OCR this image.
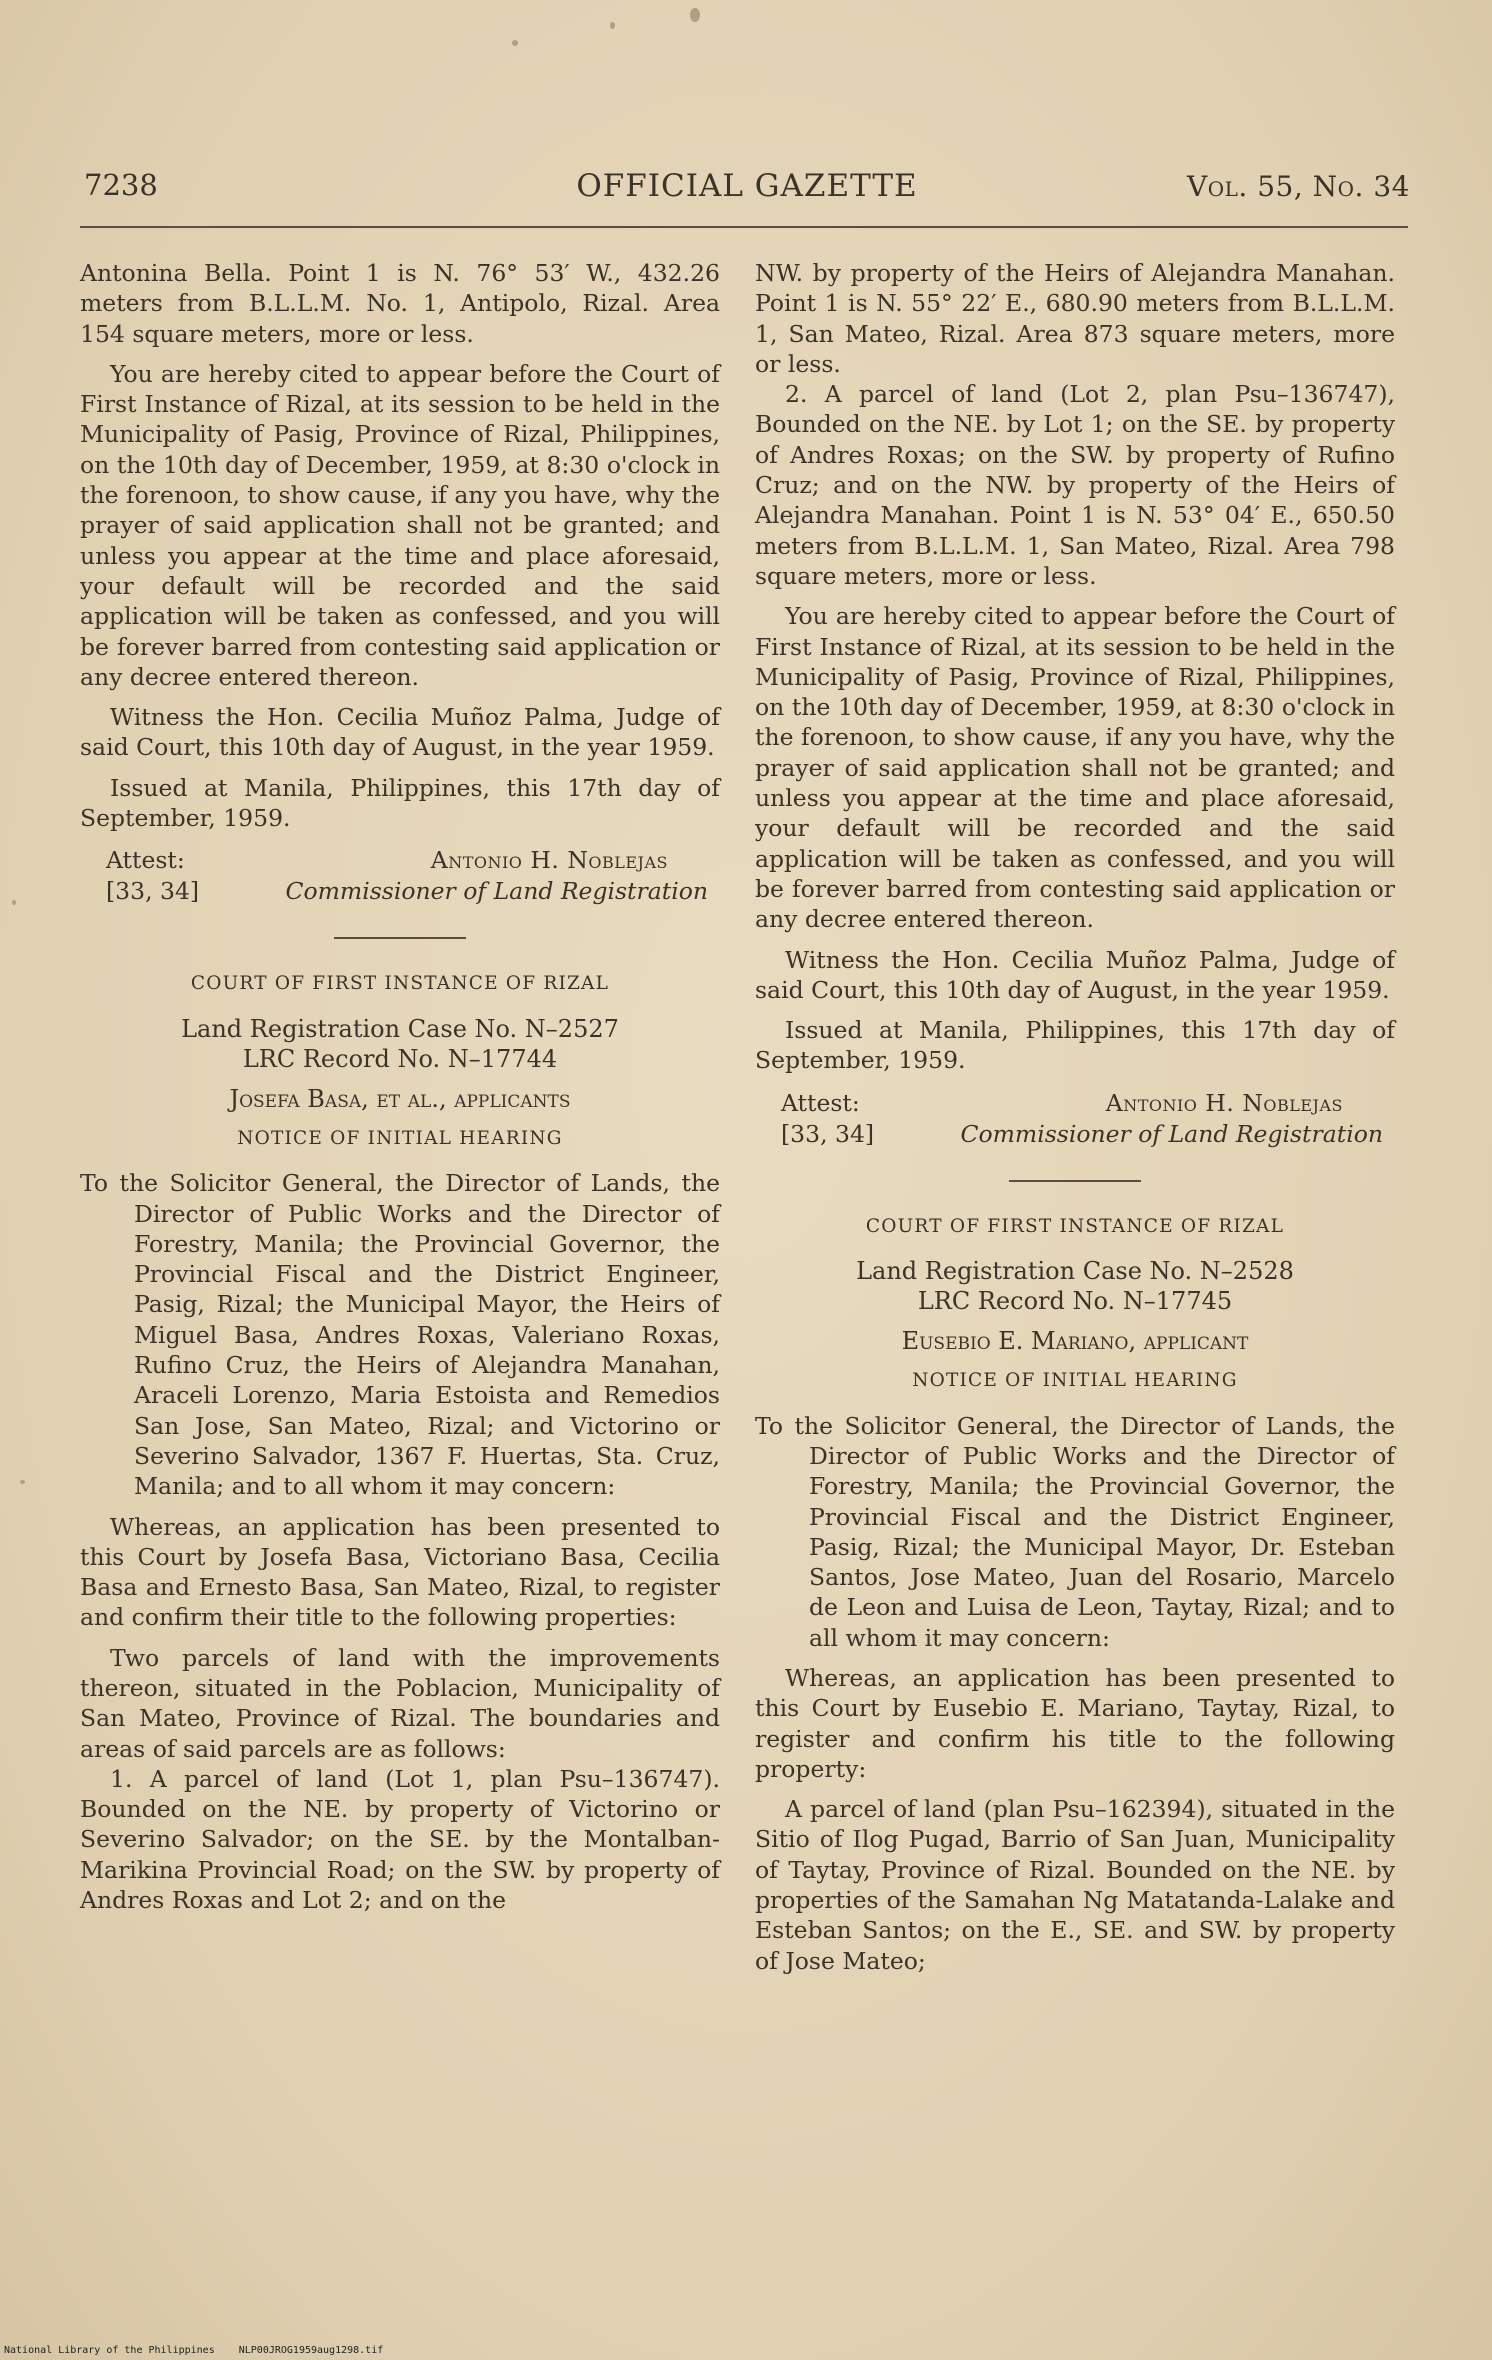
7238	OFFICIAL GAZETTE	Vol. 55, No. 34

Antonina Bella. Point 1 is N. 76° 53′ W., 432.26 meters from B.L.L.M. No. 1, Antipolo, Rizal. Area 154 square meters, more or less.

You are hereby cited to appear before the Court of First Instance of Rizal, at its session to be held in the Municipality of Pasig, Province of Rizal, Philippines, on the 10th day of December, 1959, at 8:30 o'clock in the forenoon, to show cause, if any you have, why the prayer of said application shall not be granted; and unless you appear at the time and place aforesaid, your default will be recorded and the said application will be taken as confessed, and you will be forever barred from contesting said application or any decree entered thereon.

Witness the Hon. Cecilia Muñoz Palma, Judge of said Court, this 10th day of August, in the year 1959.

Issued at Manila, Philippines, this 17th day of September, 1959.

Attest:
[33, 34]
Antonio H. Noblejas
Commissioner of Land Registration

COURT OF FIRST INSTANCE OF RIZAL

Land Registration Case No. N–2527

LRC Record No. N–17744

Josefa Basa, et al., applicants

NOTICE OF INITIAL HEARING

To the Solicitor General, the Director of Lands, the Director of Public Works and the Director of Forestry, Manila; the Provincial Governor, the Provincial Fiscal and the District Engineer, Pasig, Rizal; the Municipal Mayor, the Heirs of Miguel Basa, Andres Roxas, Valeriano Roxas, Rufino Cruz, the Heirs of Alejandra Manahan, Araceli Lorenzo, Maria Estoista and Remedios San Jose, San Mateo, Rizal; and Victorino or Severino Salvador, 1367 F. Huertas, Sta. Cruz, Manila; and to all whom it may concern:

Whereas, an application has been presented to this Court by Josefa Basa, Victoriano Basa, Cecilia Basa and Ernesto Basa, San Mateo, Rizal, to register and confirm their title to the following properties:

Two parcels of land with the improvements thereon, situated in the Poblacion, Municipality of San Mateo, Province of Rizal. The boundaries and areas of said parcels are as follows:

1. A parcel of land (Lot 1, plan Psu–136747). Bounded on the NE. by property of Victorino or Severino Salvador; on the SE. by the Montalban-Marikina Provincial Road; on the SW. by property of Andres Roxas and Lot 2; and on the

NW. by property of the Heirs of Alejandra Manahan. Point 1 is N. 55° 22′ E., 680.90 meters from B.L.L.M. 1, San Mateo, Rizal. Area 873 square meters, more or less.

2. A parcel of land (Lot 2, plan Psu–136747), Bounded on the NE. by Lot 1; on the SE. by property of Andres Roxas; on the SW. by property of Rufino Cruz; and on the NW. by property of the Heirs of Alejandra Manahan. Point 1 is N. 53° 04′ E., 650.50 meters from B.L.L.M. 1, San Mateo, Rizal. Area 798 square meters, more or less.

You are hereby cited to appear before the Court of First Instance of Rizal, at its session to be held in the Municipality of Pasig, Province of Rizal, Philippines, on the 10th day of December, 1959, at 8:30 o'clock in the forenoon, to show cause, if any you have, why the prayer of said application shall not be granted; and unless you appear at the time and place aforesaid, your default will be recorded and the said application will be taken as confessed, and you will be forever barred from contesting said application or any decree entered thereon.

Witness the Hon. Cecilia Muñoz Palma, Judge of said Court, this 10th day of August, in the year 1959.

Issued at Manila, Philippines, this 17th day of September, 1959.

Attest:
[33, 34]
Antonio H. Noblejas
Commissioner of Land Registration

COURT OF FIRST INSTANCE OF RIZAL

Land Registration Case No. N–2528

LRC Record No. N–17745

Eusebio E. Mariano, applicant

NOTICE OF INITIAL HEARING

To the Solicitor General, the Director of Lands, the Director of Public Works and the Director of Forestry, Manila; the Provincial Governor, the Provincial Fiscal and the District Engineer, Pasig, Rizal; the Municipal Mayor, Dr. Esteban Santos, Jose Mateo, Juan del Rosario, Marcelo de Leon and Luisa de Leon, Taytay, Rizal; and to all whom it may concern:

Whereas, an application has been presented to this Court by Eusebio E. Mariano, Taytay, Rizal, to register and confirm his title to the following property:

A parcel of land (plan Psu–162394), situated in the Sitio of Ilog Pugad, Barrio of San Juan, Municipality of Taytay, Province of Rizal. Bounded on the NE. by properties of the Samahan Ng Matatanda-Lalake and Esteban Santos; on the E., SE. and SW. by property of Jose Mateo;

National Library of the Philippines NLP00JROG1959aug1298.tif
